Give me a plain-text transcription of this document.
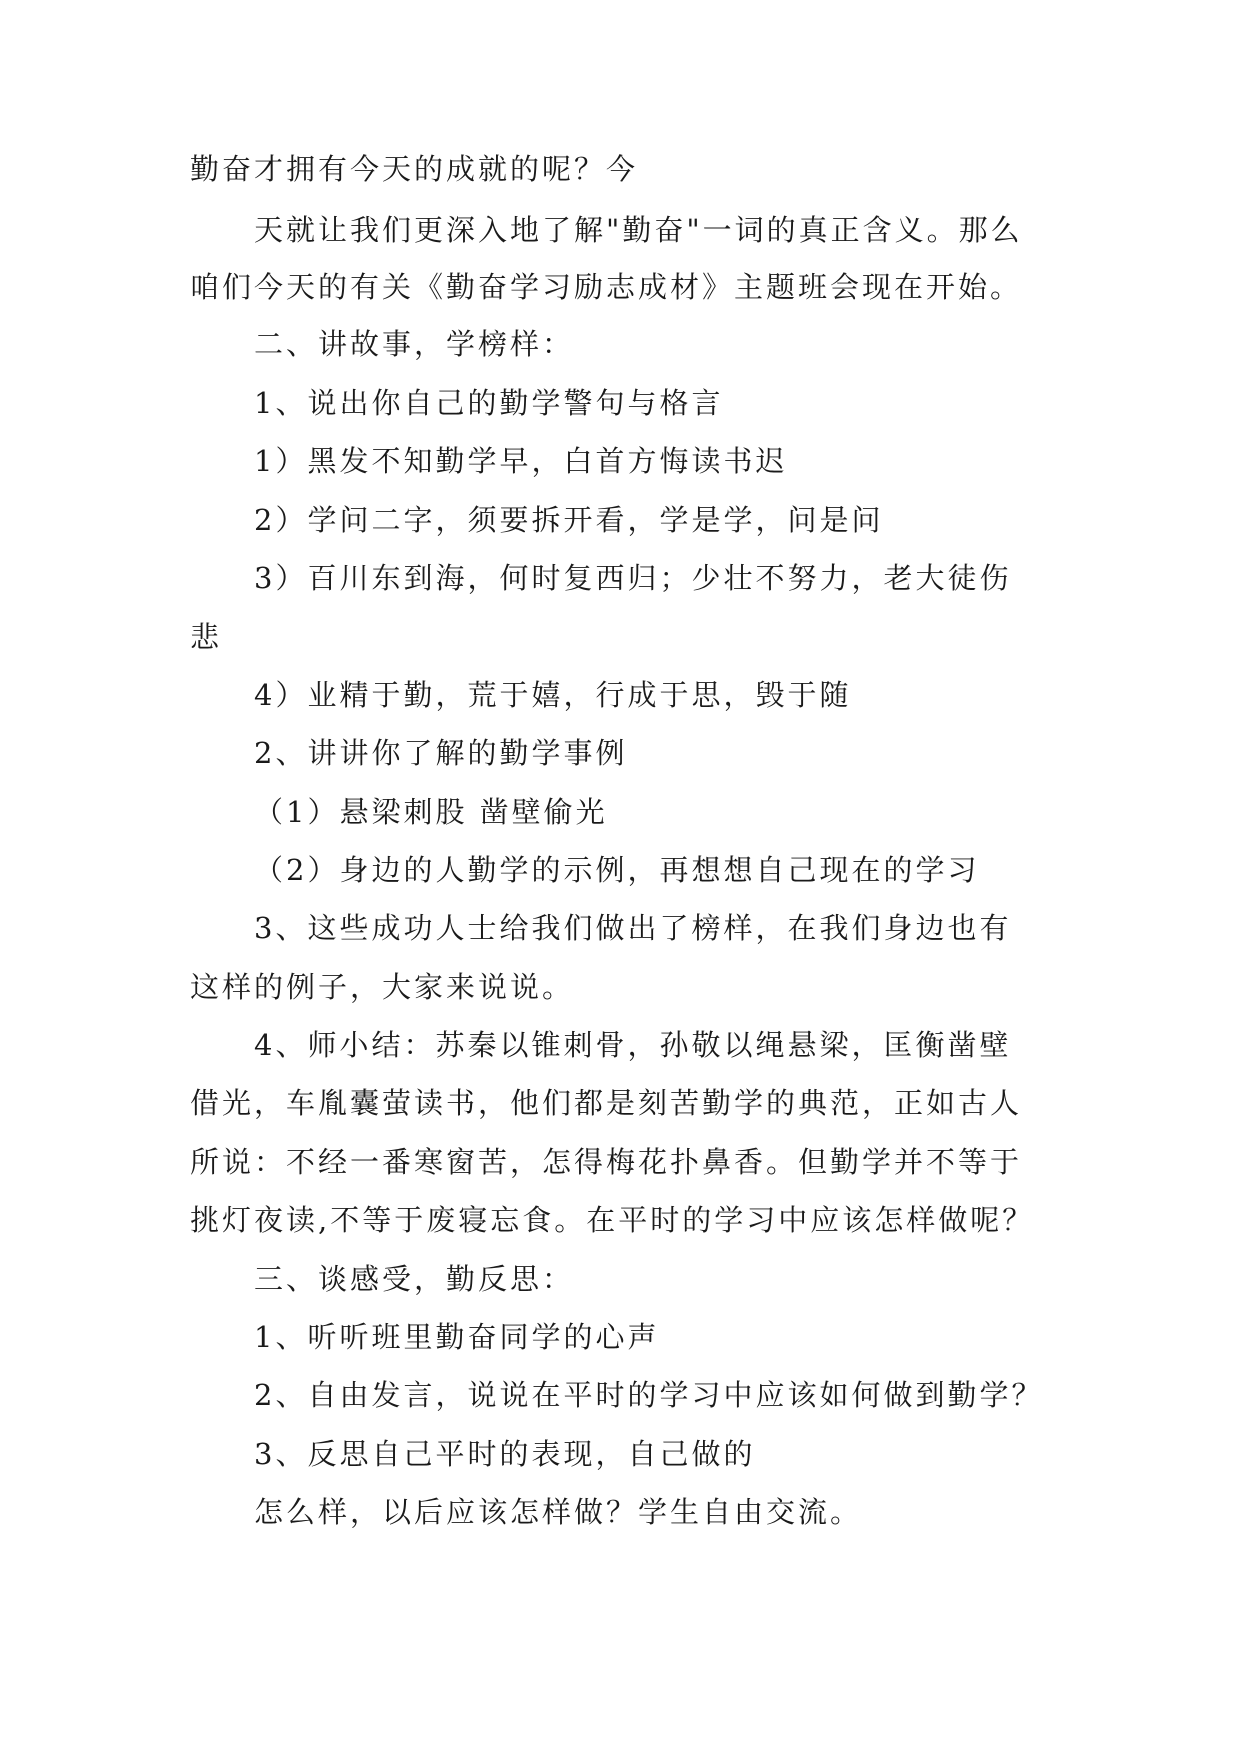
勤奋才拥有今天的成就的呢？今
天就让我们更深入地了解"勤奋"一词的真正含义。那么
咱们今天的有关《勤奋学习励志成材》主题班会现在开始。
二、讲故事，学榜样：
1、说出你自己的勤学警句与格言
1）黑发不知勤学早，白首方悔读书迟
2）学问二字，须要拆开看，学是学，问是问
3）百川东到海，何时复西归；少壮不努力，老大徒伤
悲
4）业精于勤，荒于嬉，行成于思，毁于随
2、讲讲你了解的勤学事例
（1）悬梁刺股 凿壁偷光
（2）身边的人勤学的示例，再想想自己现在的学习
3、这些成功人士给我们做出了榜样，在我们身边也有
这样的例子，大家来说说。
4、师小结：苏秦以锥刺骨，孙敬以绳悬梁，匡衡凿壁
借光，车胤囊萤读书，他们都是刻苦勤学的典范，正如古人
所说：不经一番寒窗苦，怎得梅花扑鼻香。但勤学并不等于
挑灯夜读,不等于废寝忘食。在平时的学习中应该怎样做呢？
三、谈感受，勤反思：
1、听听班里勤奋同学的心声
2、自由发言，说说在平时的学习中应该如何做到勤学？
3、反思自己平时的表现，自己做的
怎么样，以后应该怎样做？学生自由交流。
